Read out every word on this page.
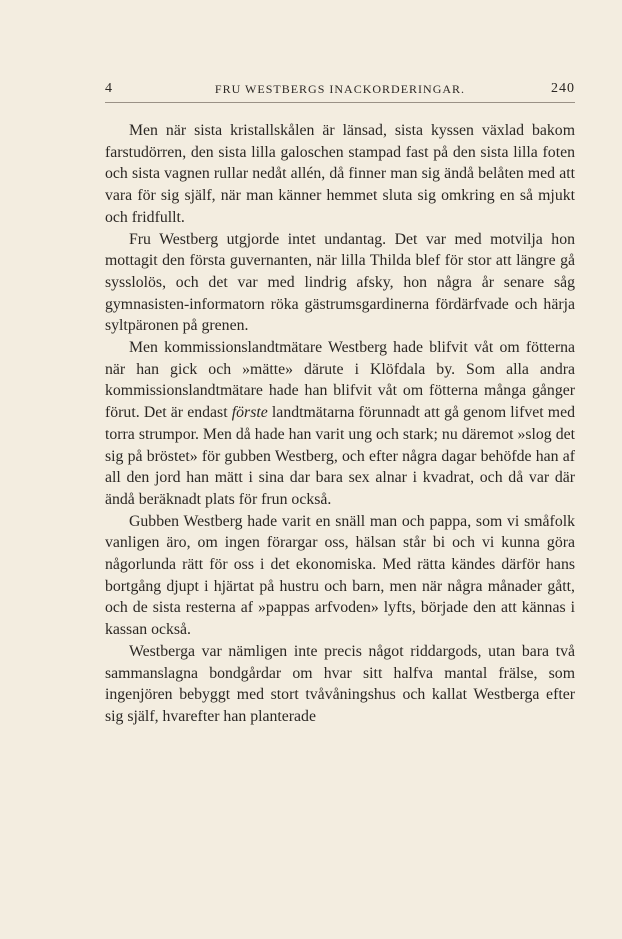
4	FRU WESTBERGS INACKORDERINGAR.	240

Men när sista kristallskålen är länsad, sista kyssen växlad bakom farstudörren, den sista lilla galoschen stampad fast på den sista lilla foten och sista vagnen rullar nedåt allén, då finner man sig ändå belåten med att vara för sig själf, när man känner hemmet sluta sig omkring en så mjukt och fridfullt.

Fru Westberg utgjorde intet undantag. Det var med motvilja hon mottagit den första guvernanten, när lilla Thilda blef för stor att längre gå sysslolös, och det var med lindrig afsky, hon några år senare såg gymnasisten-informatorn röka gästrumsgardinerna fördärfvade och härja syltpäronen på grenen.

Men kommissionslandtmätare Westberg hade blifvit våt om fötterna när han gick och »mätte» därute i Klöfdala by. Som alla andra kommissionslandtmätare hade han blifvit våt om fötterna många gånger förut. Det är endast förste landtmätarna förunnadt att gå genom lifvet med torra strumpor. Men då hade han varit ung och stark; nu däremot »slog det sig på bröstet» för gubben Westberg, och efter några dagar behöfde han af all den jord han mätt i sina dar bara sex alnar i kvadrat, och då var där ändå beräknadt plats för frun också.

Gubben Westberg hade varit en snäll man och pappa, som vi småfolk vanligen äro, om ingen förargar oss, hälsan står bi och vi kunna göra någorlunda rätt för oss i det ekonomiska. Med rätta kändes därför hans bortgång djupt i hjärtat på hustru och barn, men när några månader gått, och de sista resterna af »pappas arfvoden» lyfts, började den att kännas i kassan också.

Westberga var nämligen inte precis något riddargods, utan bara två sammanslagna bondgårdar om hvar sitt halfva mantal frälse, som ingenjören bebyggt med stort tvåvåningshus och kallat Westberga efter sig själf, hvarefter han planterade
